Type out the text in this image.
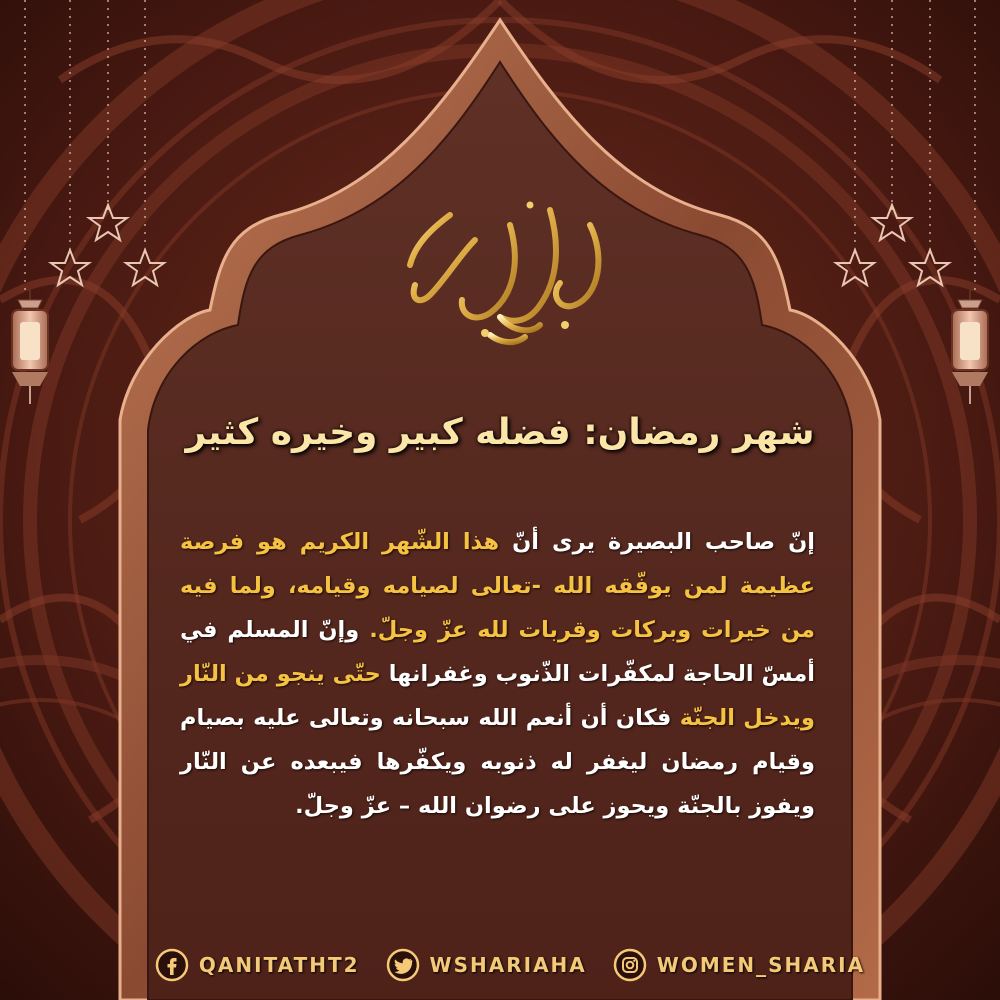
شهر رمضان: فضله كبير وخيره كثير
إنّ صاحب البصيرة يرى أنّ هذا الشّهر الكريم هو فرصة عظيمة لمن يوفّقه الله -تعالى لصيامه وقيامه، ولما فيه من خيرات وبركات وقربات لله عزّ وجلّ. وإنّ المسلم في أمسّ الحاجة لمكفّرات الذّنوب وغفرانها حتّى ينجو من النّار ويدخل الجنّة فكان أن أنعم الله سبحانه وتعالى عليه بصيام وقيام رمضان ليغفر له ذنوبه ويكفّرها فيبعده عن النّار ويفوز بالجنّة ويحوز على رضوان الله – عزّ وجلّ.
QANITATHT2	WSHARIAHA	WOMEN_SHARIA
